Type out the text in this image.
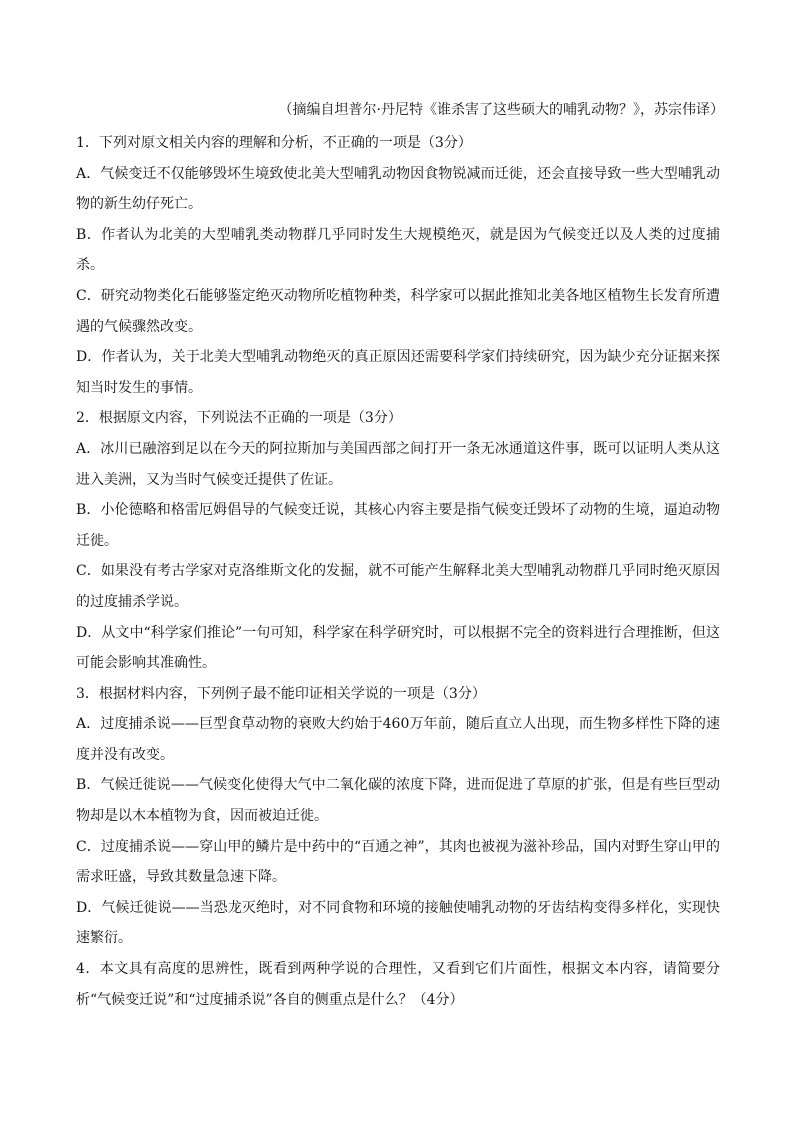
（摘编自坦普尔·丹尼特《谁杀害了这些硕大的哺乳动物？》，苏宗伟译）

1．下列对原文相关内容的理解和分析，不正确的一项是（3分）

A．气候变迁不仅能够毁坏生境致使北美大型哺乳动物因食物锐减而迁徙，还会直接导致一些大型哺乳动物的新生幼仔死亡。

B．作者认为北美的大型哺乳类动物群几乎同时发生大规模绝灭，就是因为气候变迁以及人类的过度捕杀。

C．研究动物类化石能够鉴定绝灭动物所吃植物种类，科学家可以据此推知北美各地区植物生长发育所遭遇的气候骤然改变。

D．作者认为，关于北美大型哺乳动物绝灭的真正原因还需要科学家们持续研究，因为缺少充分证据来探知当时发生的事情。

2．根据原文内容，下列说法不正确的一项是（3分）

A．冰川已融溶到足以在今天的阿拉斯加与美国西部之间打开一条无冰通道这件事，既可以证明人类从这进入美洲，又为当时气候变迁提供了佐证。

B．小伦德略和格雷厄姆倡导的气候变迁说，其核心内容主要是指气候变迁毁坏了动物的生境，逼迫动物迁徙。

C．如果没有考古学家对克洛维斯文化的发掘，就不可能产生解释北美大型哺乳动物群几乎同时绝灭原因的过度捕杀学说。

D．从文中“科学家们推论”一句可知，科学家在科学研究时，可以根据不完全的资料进行合理推断，但这可能会影响其准确性。

3．根据材料内容，下列例子最不能印证相关学说的一项是（3分）

A．过度捕杀说——巨型食草动物的衰败大约始于460万年前，随后直立人出现，而生物多样性下降的速度并没有改变。

B．气候迁徙说——气候变化使得大气中二氧化碳的浓度下降，进而促进了草原的扩张，但是有些巨型动物却是以木本植物为食，因而被迫迁徙。

C．过度捕杀说——穿山甲的鳞片是中药中的“百通之神”，其肉也被视为滋补珍品，国内对野生穿山甲的需求旺盛，导致其数量急速下降。

D．气候迁徙说——当恐龙灭绝时，对不同食物和环境的接触使哺乳动物的牙齿结构变得多样化，实现快速繁衍。

4．本文具有高度的思辨性，既看到两种学说的合理性，又看到它们片面性，根据文本内容，请简要分析“气候变迁说”和“过度捕杀说”各自的侧重点是什么？（4分）
